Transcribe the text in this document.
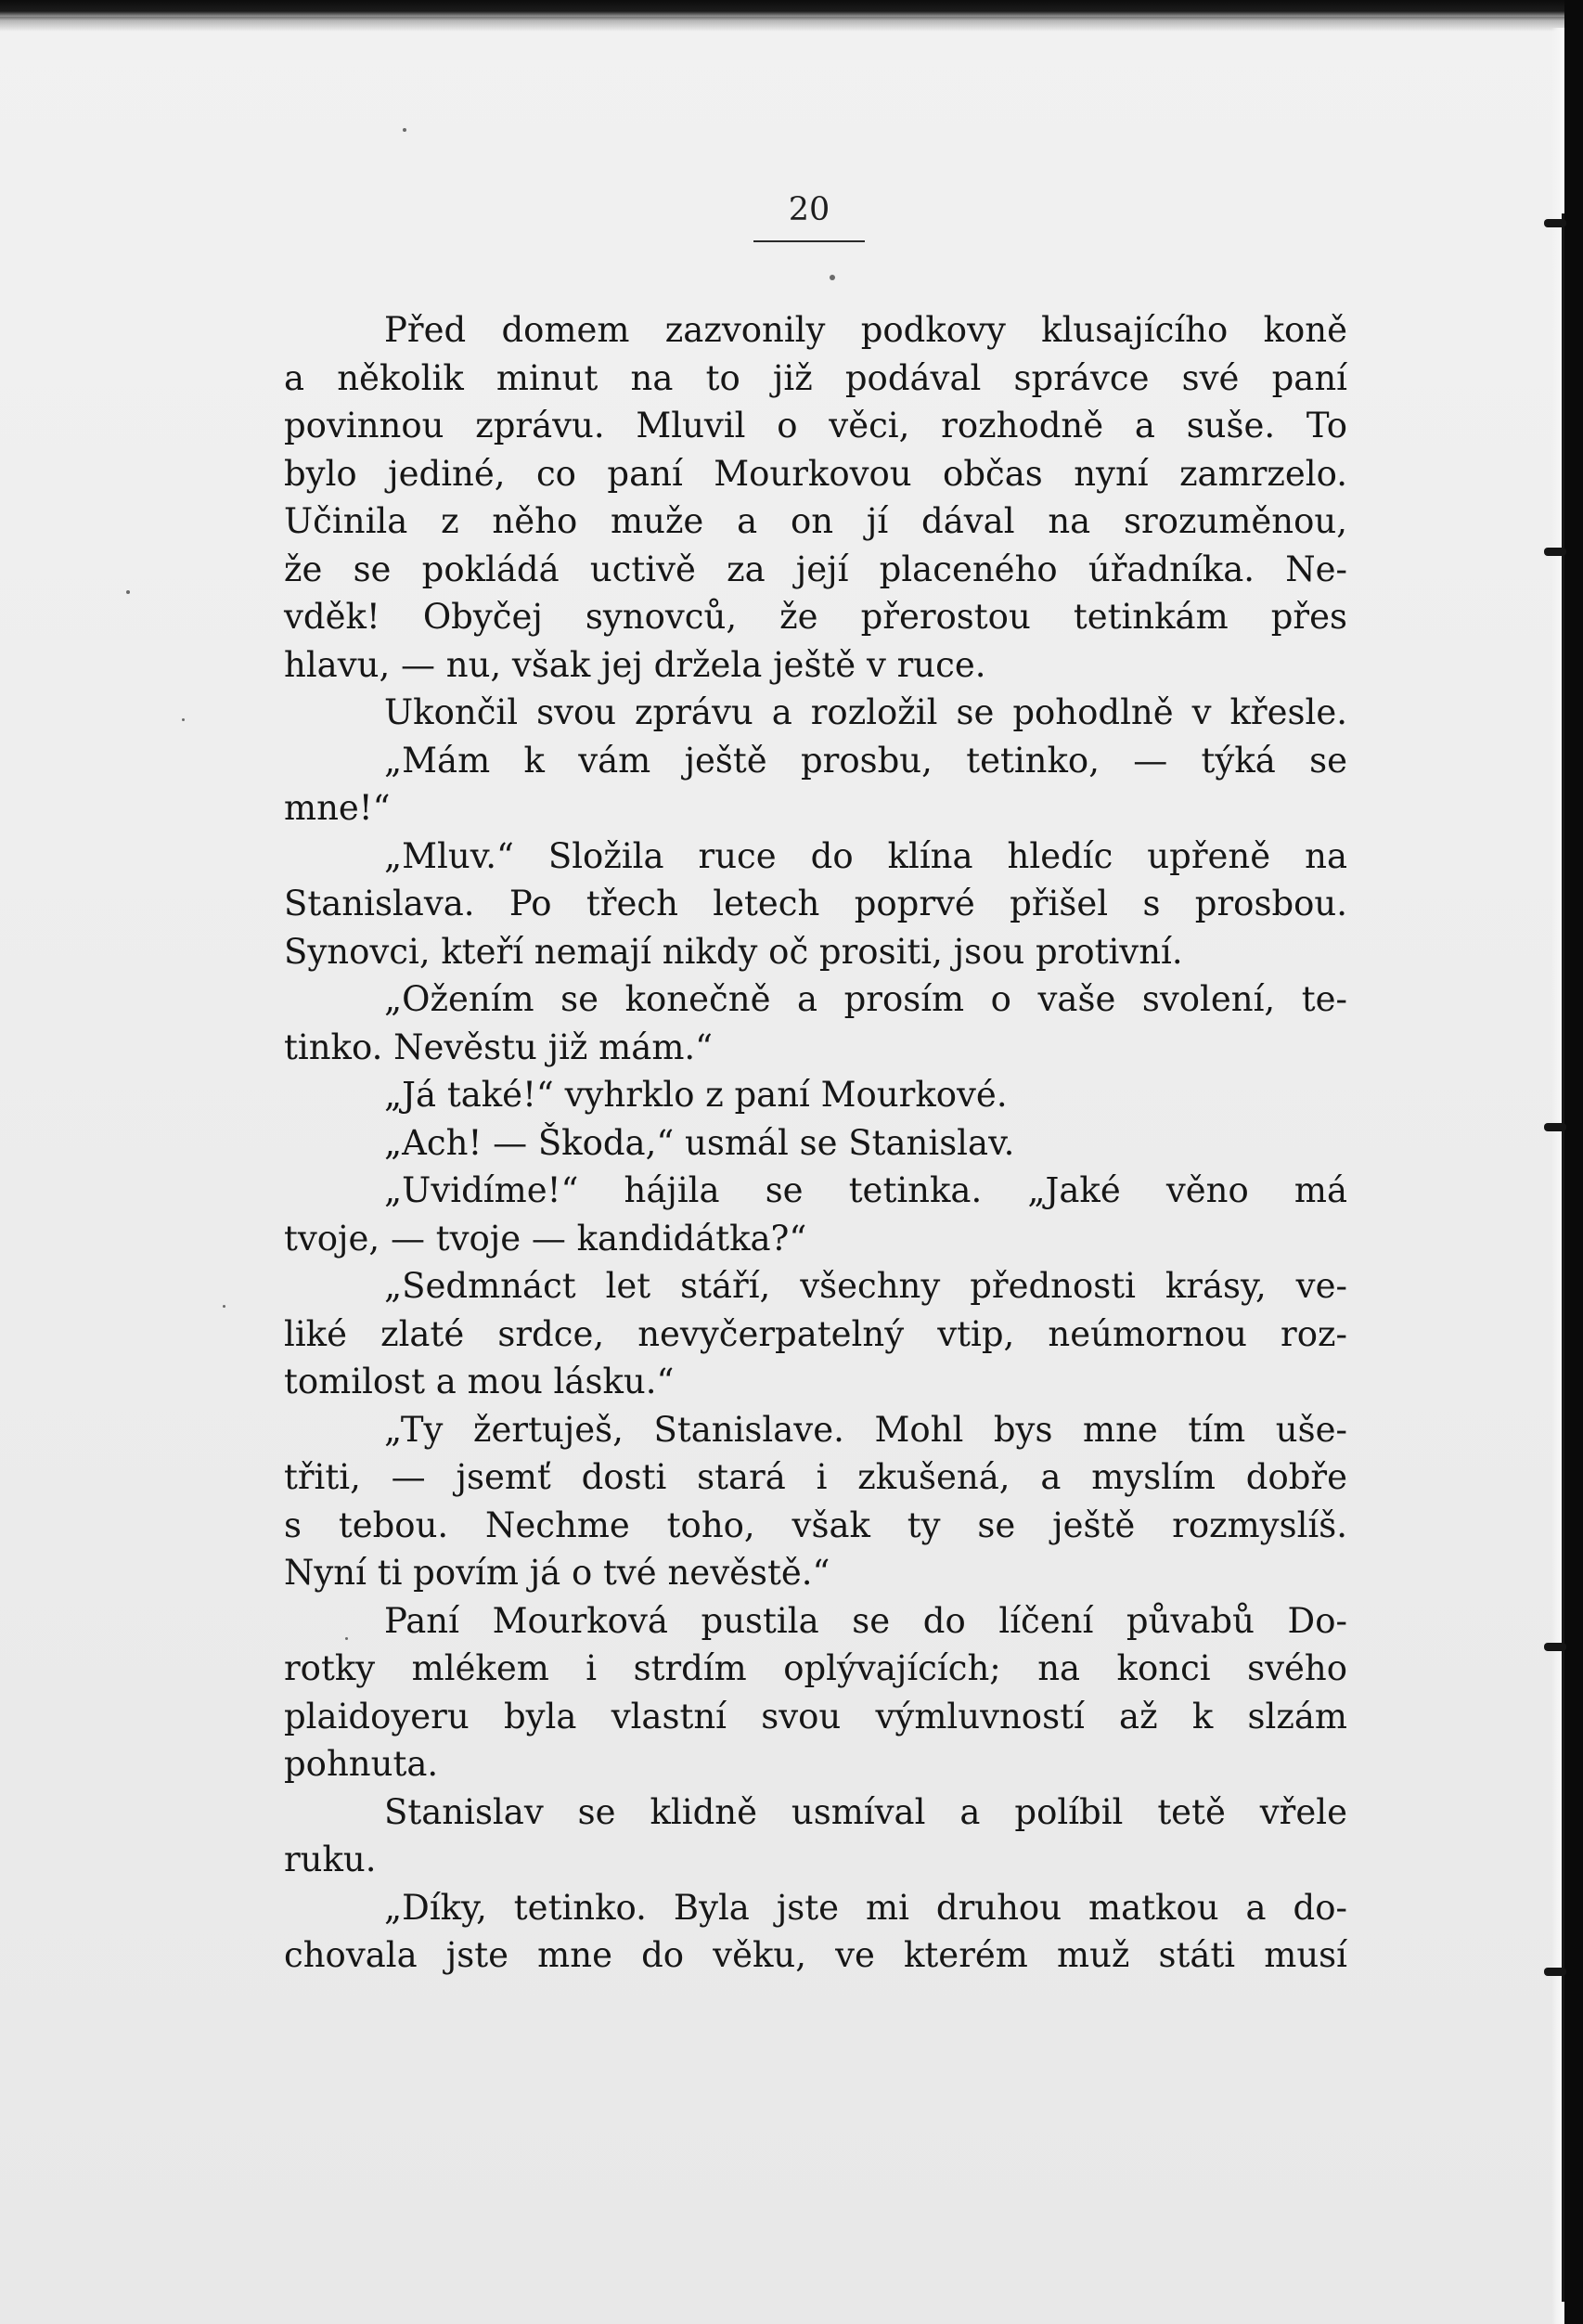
20
Před domem zazvonily podkovy klusajícího koně
a několik minut na to již podával správce své paní
povinnou zprávu. Mluvil o věci, rozhodně a suše. To
bylo jediné, co paní Mourkovou občas nyní zamrzelo.
Učinila z něho muže a on jí dával na srozuměnou,
že se pokládá uctivě za její placeného úřadníka. Ne-
vděk! Obyčej synovců, že přerostou tetinkám přes
hlavu, — nu, však jej držela ještě v ruce.
Ukončil svou zprávu a rozložil se pohodlně v křesle.
„Mám k vám ještě prosbu, tetinko, — týká se
mne!“
„Mluv.“ Složila ruce do klína hledíc upřeně na
Stanislava. Po třech letech poprvé přišel s prosbou.
Synovci, kteří nemají nikdy oč prositi, jsou protivní.
„Ožením se konečně a prosím o vaše svolení, te-
tinko. Nevěstu již mám.“
„Já také!“ vyhrklo z paní Mourkové.
„Ach! — Škoda,“ usmál se Stanislav.
„Uvidíme!“ hájila se tetinka. „Jaké věno má
tvoje, — tvoje — kandidátka?“
„Sedmnáct let stáří, všechny přednosti krásy, ve-
liké zlaté srdce, nevyčerpatelný vtip, neúmornou roz-
tomilost a mou lásku.“
„Ty žertuješ, Stanislave. Mohl bys mne tím uše-
třiti, — jsemť dosti stará i zkušená, a myslím dobře
s tebou. Nechme toho, však ty se ještě rozmyslíš.
Nyní ti povím já o tvé nevěstě.“
Paní Mourková pustila se do líčení půvabů Do-
rotky mlékem i strdím oplývajících; na konci svého
plaidoyeru byla vlastní svou výmluvností až k slzám
pohnuta.
Stanislav se klidně usmíval a políbil tetě vřele
ruku.
„Díky, tetinko. Byla jste mi druhou matkou a do-
chovala jste mne do věku, ve kterém muž státi musí
